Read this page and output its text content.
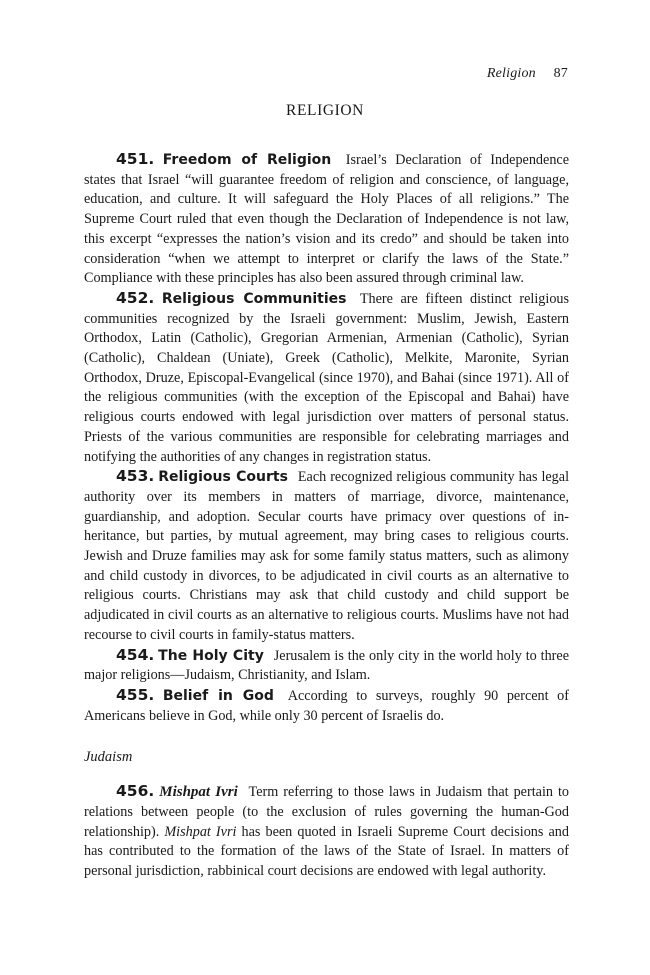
Religion 87
RELIGION

451. Freedom of Religion Israel’s Declaration of Independence states that Israel “will guarantee freedom of religion and conscience, of language, education, and culture. It will safeguard the Holy Places of all religions.” The Supreme Court ruled that even though the Declaration of Independence is not law, this excerpt “expresses the nation’s vision and its credo” and should be taken into consideration “when we attempt to interpret or clarify the laws of the State.” Compliance with these principles has also been assured through criminal law.

452. Religious Communities There are fifteen distinct religious communities recognized by the Israeli government: Muslim, Jewish, Eastern Orthodox, Latin (Catholic), Gregorian Armenian, Armenian (Catholic), Syrian (Catholic), Chaldean (Uniate), Greek (Catholic), Melkite, Maronite, Syrian Orthodox, Druze, Episcopal-Evangelical (since 1970), and Bahai (since 1971). All of the religious communities (with the exception of the Episcopal and Bahai) have religious courts endowed with legal jurisdiction over matters of personal status. Priests of the various communities are responsible for celebrating marriages and notifying the authorities of any changes in registration status.

453. Religious Courts Each recognized religious community has legal authority over its members in matters of marriage, divorce, maintenance, guardianship, and adoption. Secular courts have primacy over questions of inheritance, but parties, by mutual agreement, may bring cases to religious courts. Jewish and Druze families may ask for some family status matters, such as alimony and child custody in divorces, to be adjudicated in civil courts as an alternative to religious courts. Christians may ask that child custody and child support be adjudicated in civil courts as an alternative to religious courts. Muslims have not had recourse to civil courts in family-status matters.

454. The Holy City Jerusalem is the only city in the world holy to three major religions—Judaism, Christianity, and Islam.

455. Belief in God According to surveys, roughly 90 percent of Americans believe in God, while only 30 percent of Israelis do.

Judaism

456. Mishpat Ivri Term referring to those laws in Judaism that pertain to relations between people (to the exclusion of rules governing the human-God relationship). Mishpat Ivri has been quoted in Israeli Supreme Court decisions and has contributed to the formation of the laws of the State of Israel. In matters of personal jurisdiction, rabbinical court decisions are endowed with legal authority.
